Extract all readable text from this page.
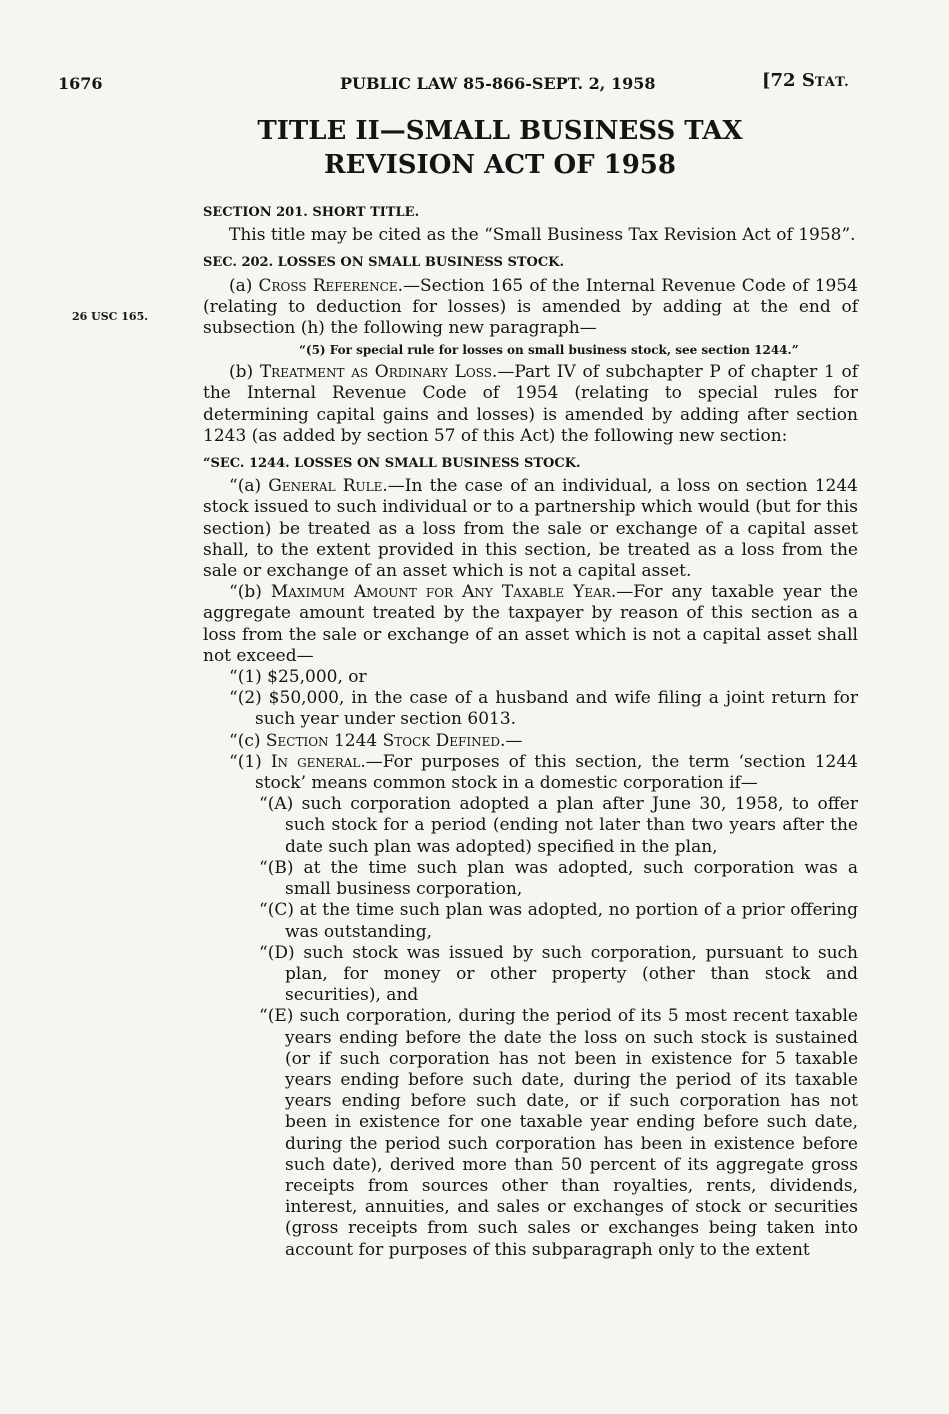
1676	PUBLIC LAW 85-866-SEPT. 2, 1958	[72 STAT.
TITLE II—SMALL BUSINESS TAX
REVISION ACT OF 1958
26 USC 165.
SECTION 201. SHORT TITLE.
This title may be cited as the “Small Business Tax Revision Act of 1958”.
SEC. 202. LOSSES ON SMALL BUSINESS STOCK.
(a) Cross Reference.—Section 165 of the Internal Revenue Code of 1954 (relating to deduction for losses) is amended by adding at the end of subsection (h) the following new paragraph—
“(5) For special rule for losses on small business stock, see section 1244.”
(b) Treatment as Ordinary Loss.—Part IV of subchapter P of chapter 1 of the Internal Revenue Code of 1954 (relating to special rules for determining capital gains and losses) is amended by adding after section 1243 (as added by section 57 of this Act) the following new section:
“SEC. 1244. LOSSES ON SMALL BUSINESS STOCK.
“(a) General Rule.—In the case of an individual, a loss on section 1244 stock issued to such individual or to a partnership which would (but for this section) be treated as a loss from the sale or exchange of a capital asset shall, to the extent provided in this section, be treated as a loss from the sale or exchange of an asset which is not a capital asset.
“(b) Maximum Amount for Any Taxable Year.—For any taxable year the aggregate amount treated by the taxpayer by reason of this section as a loss from the sale or exchange of an asset which is not a capital asset shall not exceed—
“(1) $25,000, or
“(2) $50,000, in the case of a husband and wife filing a joint return for such year under section 6013.
“(c) Section 1244 Stock Defined.—
“(1) In general.—For purposes of this section, the term ‘section 1244 stock’ means common stock in a domestic corporation if—
“(A) such corporation adopted a plan after June 30, 1958, to offer such stock for a period (ending not later than two years after the date such plan was adopted) specified in the plan,
“(B) at the time such plan was adopted, such corporation was a small business corporation,
“(C) at the time such plan was adopted, no portion of a prior offering was outstanding,
“(D) such stock was issued by such corporation, pursuant to such plan, for money or other property (other than stock and securities), and
“(E) such corporation, during the period of its 5 most recent taxable years ending before the date the loss on such stock is sustained (or if such corporation has not been in existence for 5 taxable years ending before such date, during the period of its taxable years ending before such date, or if such corporation has not been in existence for one taxable year ending before such date, during the period such corporation has been in existence before such date), derived more than 50 percent of its aggregate gross receipts from sources other than royalties, rents, dividends, interest, annuities, and sales or exchanges of stock or securities (gross receipts from such sales or exchanges being taken into account for purposes of this subparagraph only to the extent
